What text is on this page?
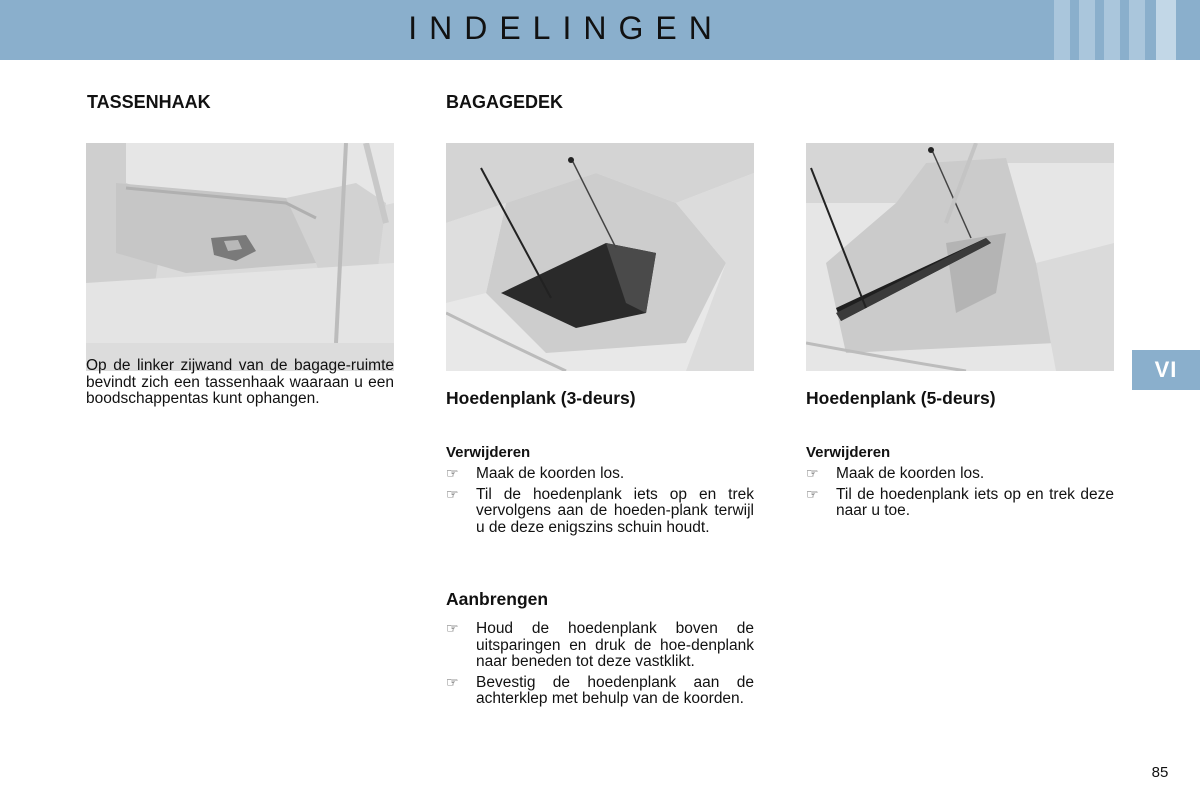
INDELINGEN
TASSENHAAK
Op de linker zijwand van de bagage-ruimte bevindt zich een tassenhaak waaraan u een boodschappentas kunt ophangen.
BAGAGEDEK
Hoedenplank (3-deurs)
Verwijderen
☞ Maak de koorden los.
☞ Til de hoedenplank iets op en trek vervolgens aan de hoeden-plank terwijl u de deze enigszins schuin houdt.
Aanbrengen
☞ Houd de hoedenplank boven de uitsparingen en druk de hoe-denplank naar beneden tot deze vastklikt.
☞ Bevestig de hoedenplank aan de achterklep met behulp van de koorden.
Hoedenplank (5-deurs)
Verwijderen
☞ Maak de koorden los.
☞ Til de hoedenplank iets op en trek deze naar u toe.
VI
85
